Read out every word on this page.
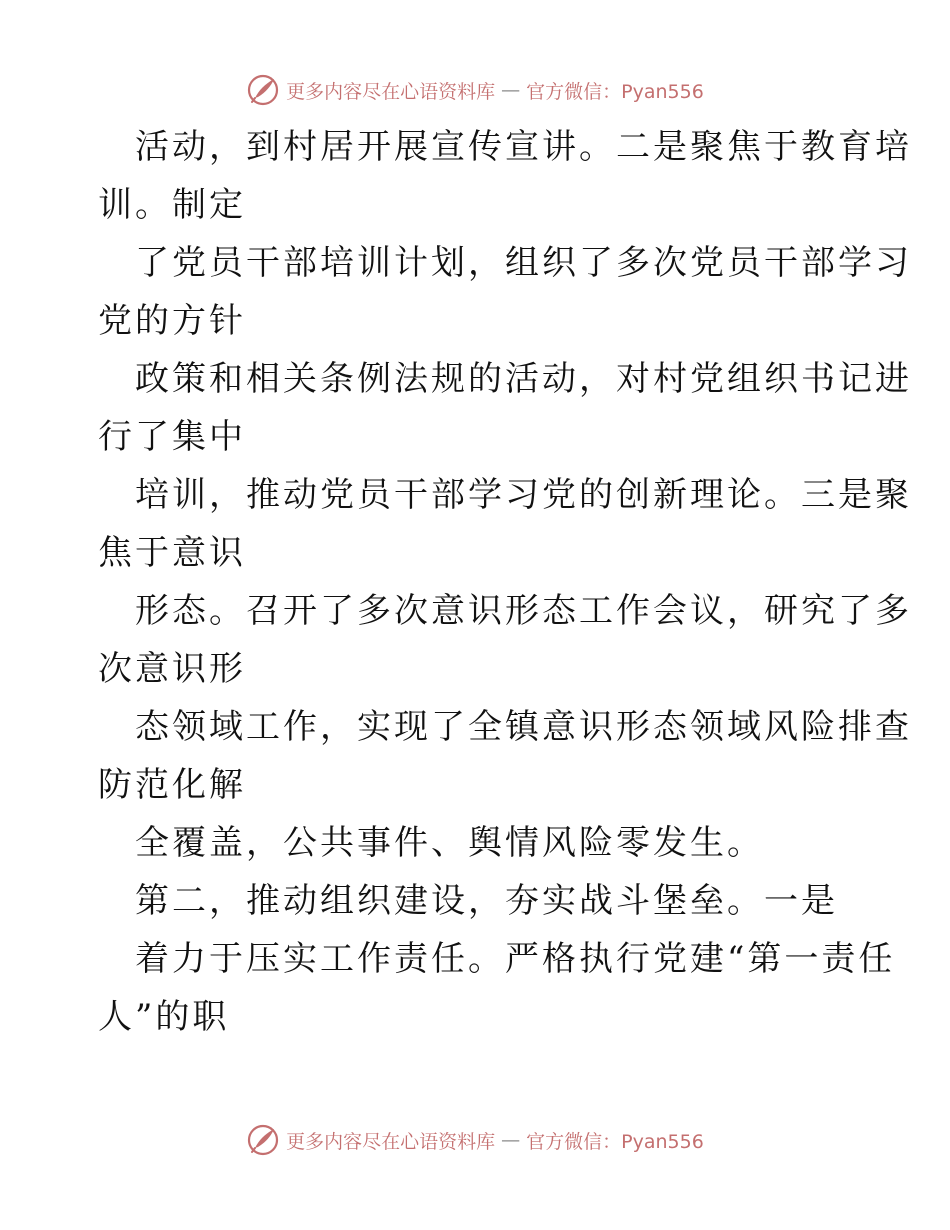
更多内容尽在心语资料库 — 官方微信：Pyan556

活动，到村居开展宣传宣讲。二是聚焦于教育培
训。制定

了党员干部培训计划，组织了多次党员干部学习
党的方针

政策和相关条例法规的活动，对村党组织书记进
行了集中

培训，推动党员干部学习党的创新理论。三是聚
焦于意识

形态。召开了多次意识形态工作会议，研究了多
次意识形

态领域工作，实现了全镇意识形态领域风险排查
防范化解

全覆盖，公共事件、舆情风险零发生。

第二，推动组织建设，夯实战斗堡垒。一是

着力于压实工作责任。严格执行党建“第一责任
人”的职

更多内容尽在心语资料库 — 官方微信：Pyan556
